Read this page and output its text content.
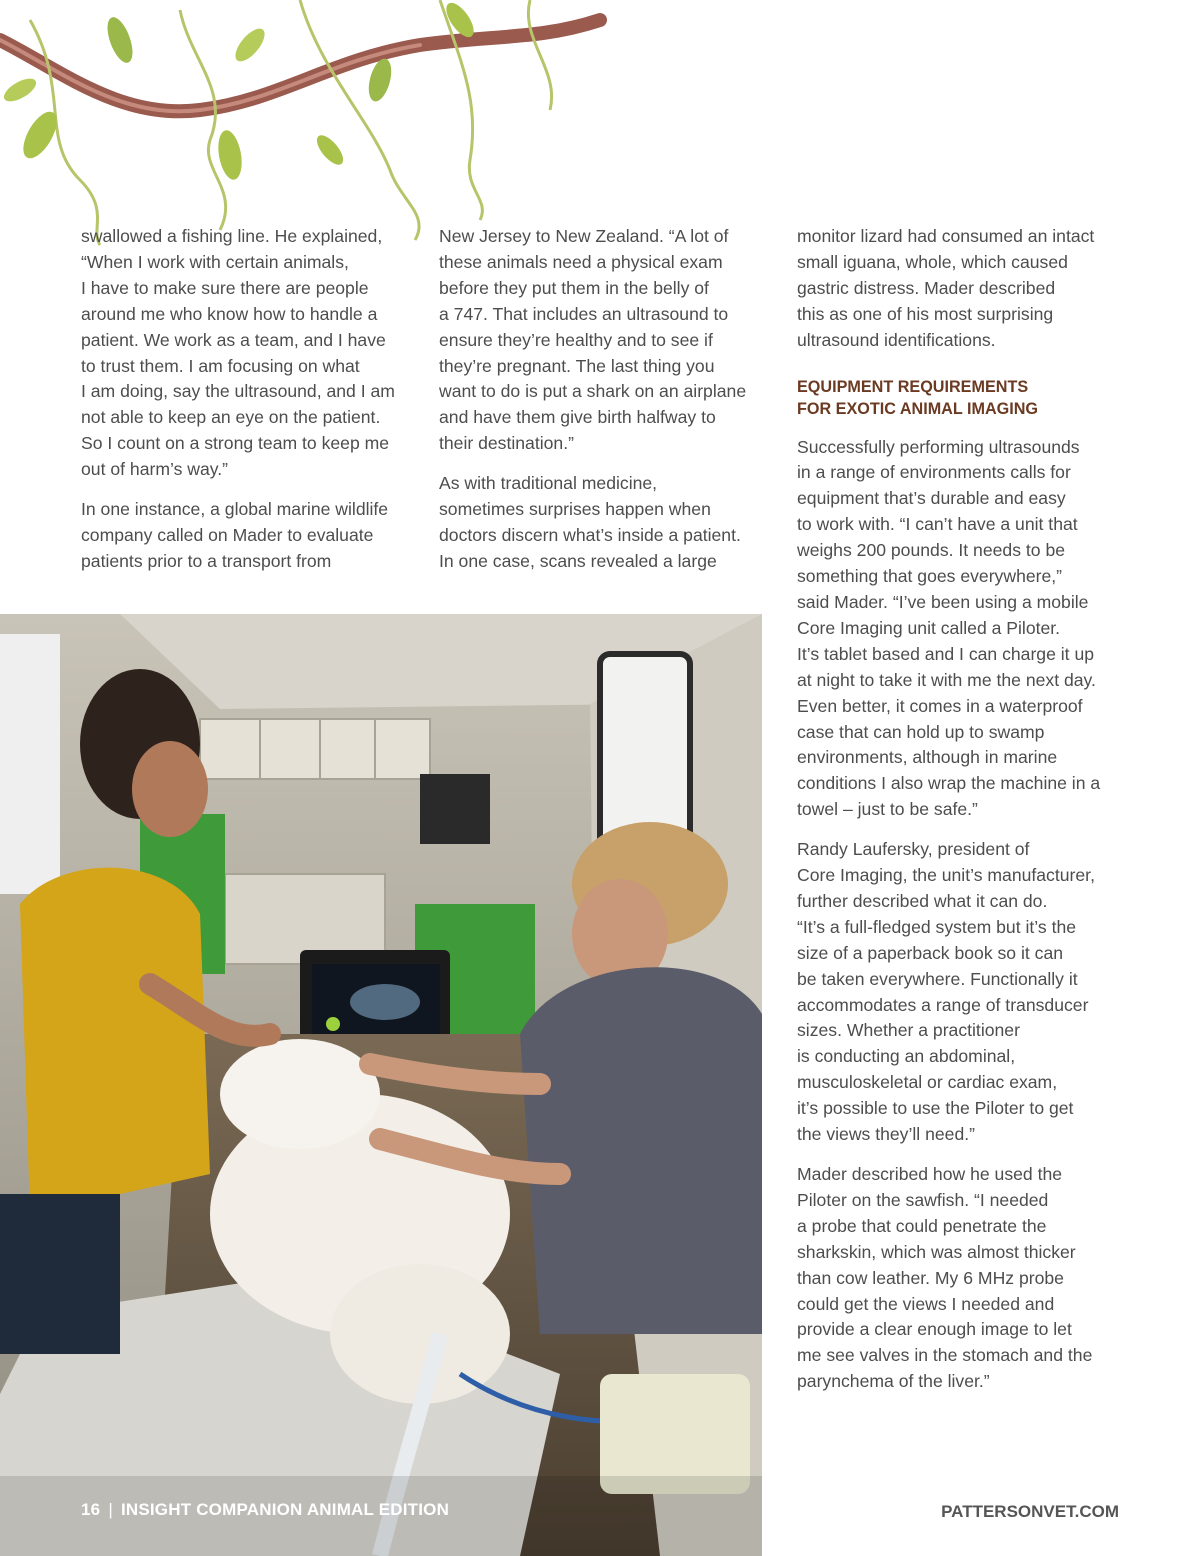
swallowed a fishing line. He explained,
“When I work with certain animals,
I have to make sure there are people
around me who know how to handle a
patient. We work as a team, and I have
to trust them. I am focusing on what
I am doing, say the ultrasound, and I am
not able to keep an eye on the patient.
So I count on a strong team to keep me
out of harm’s way.”

In one instance, a global marine wildlife
company called on Mader to evaluate
patients prior to a transport from

New Jersey to New Zealand. “A lot of
these animals need a physical exam
before they put them in the belly of
a 747. That includes an ultrasound to
ensure they’re healthy and to see if
they’re pregnant. The last thing you
want to do is put a shark on an airplane
and have them give birth halfway to
their destination.”

As with traditional medicine,
sometimes surprises happen when
doctors discern what’s inside a patient.
In one case, scans revealed a large

monitor lizard had consumed an intact
small iguana, whole, which caused
gastric distress. Mader described
this as one of his most surprising
ultrasound identifications.

EQUIPMENT REQUIREMENTS
FOR EXOTIC ANIMAL IMAGING

Successfully performing ultrasounds
in a range of environments calls for
equipment that’s durable and easy
to work with. “I can’t have a unit that
weighs 200 pounds. It needs to be
something that goes everywhere,”
said Mader. “I’ve been using a mobile
Core Imaging unit called a Piloter.
It’s tablet based and I can charge it up
at night to take it with me the next day.
Even better, it comes in a waterproof
case that can hold up to swamp
environments, although in marine
conditions I also wrap the machine in a
towel – just to be safe.”

Randy Laufersky, president of
Core Imaging, the unit’s manufacturer,
further described what it can do.
“It’s a full-fledged system but it’s the
size of a paperback book so it can
be taken everywhere. Functionally it
accommodates a range of transducer
sizes. Whether a practitioner
is conducting an abdominal,
musculoskeletal or cardiac exam,
it’s possible to use the Piloter to get
the views they’ll need.”

Mader described how he used the
Piloter on the sawfish. “I needed
a probe that could penetrate the
sharkskin, which was almost thicker
than cow leather. My 6 MHz probe
could get the views I needed and
provide a clear enough image to let
me see valves in the stomach and the
parynchema of the liver.”

16 | INSIGHT COMPANION ANIMAL EDITION	PATTERSONVET.COM
